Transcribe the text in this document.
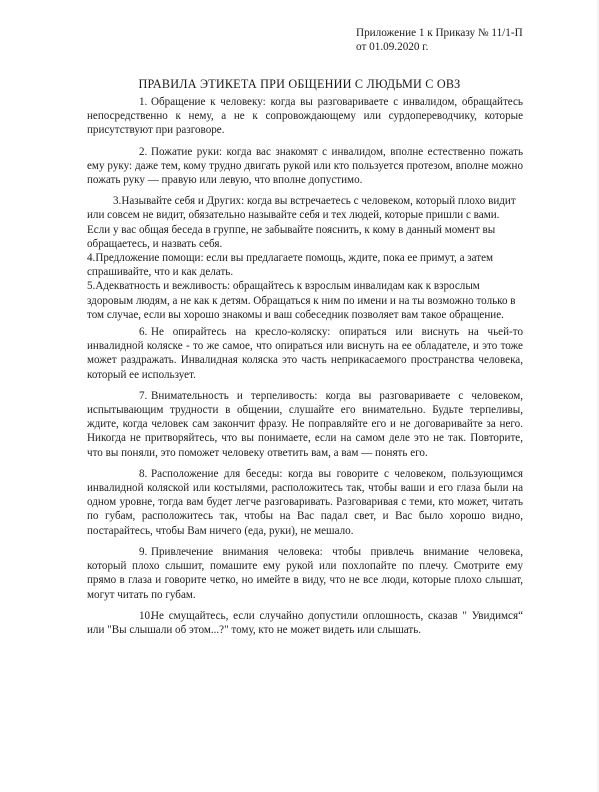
Приложение 1 к Приказу № 11/1-П
от 01.09.2020 г.
ПРАВИЛА ЭТИКЕТА ПРИ ОБЩЕНИИ С ЛЮДЬМИ С ОВЗ

1. Обращение к человеку: когда вы разговариваете с инвалидом, обращайтесь непосредственно к нему, а не к сопровождающему или сурдопереводчику, которые присутствуют при разговоре.

2. Пожатие руки: когда вас знакомят с инвалидом, вполне естественно пожать ему руку: даже тем, кому трудно двигать рукой или кто пользуется протезом, вполне можно пожать руку — правую или левую, что вполне допустимо.

3.Называйте себя и Других: когда вы встречаетесь с человеком, который плохо видит или совсем не видит, обязательно называйте себя и тех людей, которые пришли с вами. Если у вас общая беседа в группе, не забывайте пояснить, к кому в данный момент вы обращаетесь, и назвать себя.

4.Предложение помощи: если вы предлагаете помощь, ждите, пока ее примут, а затем спрашивайте, что и как делать.

5.Адекватность и вежливость: обращайтесь к взрослым инвалидам как к взрослым здоровым людям, а не как к детям. Обращаться к ним по имени и на ты возможно только в том случае, если вы хорошо знакомы и ваш собеседник позволяет вам такое обращение.

6. Не опирайтесь на кресло-коляску: опираться или виснуть на чьей-то инвалидной коляске - то же самое, что опираться или виснуть на ее обладателе, и это тоже может раздражать. Инвалидная коляска это часть неприкасаемого пространства человека, который ее использует.

7. Внимательность и терпеливость: когда вы разговариваете с человеком, испытывающим трудности в общении, слушайте его внимательно. Будьте терпеливы, ждите, когда человек сам закончит фразу. Не поправляйте его и не договаривайте за него. Никогда не притворяйтесь, что вы понимаете, если на самом деле это не так. Повторите, что вы поняли, это поможет человеку ответить вам, а вам — понять его.

8. Расположение для беседы: когда вы говорите с человеком, пользующимся инвалидной коляской или костылями, расположитесь так, чтобы ваши и его глаза были на одном уровне, тогда вам будет легче разговаривать. Разговаривая с теми, кто может, читать по губам, расположитесь так, чтобы на Вас падал свет, и Вас было хорошо видно, постарайтесь, чтобы Вам ничего (еда, руки), не мешало.

9. Привлечение внимания человека: чтобы привлечь внимание человека, который плохо слышит, помашите ему рукой или похлопайте по плечу. Смотрите ему прямо в глаза и говорите четко, но имейте в виду, что не все люди, которые плохо слышат, могут читать по губам.

10.Не смущайтесь, если случайно допустили оплошность, сказав " Увидимся“ или "Вы слышали об этом...?" тому, кто не может видеть или слышать.
